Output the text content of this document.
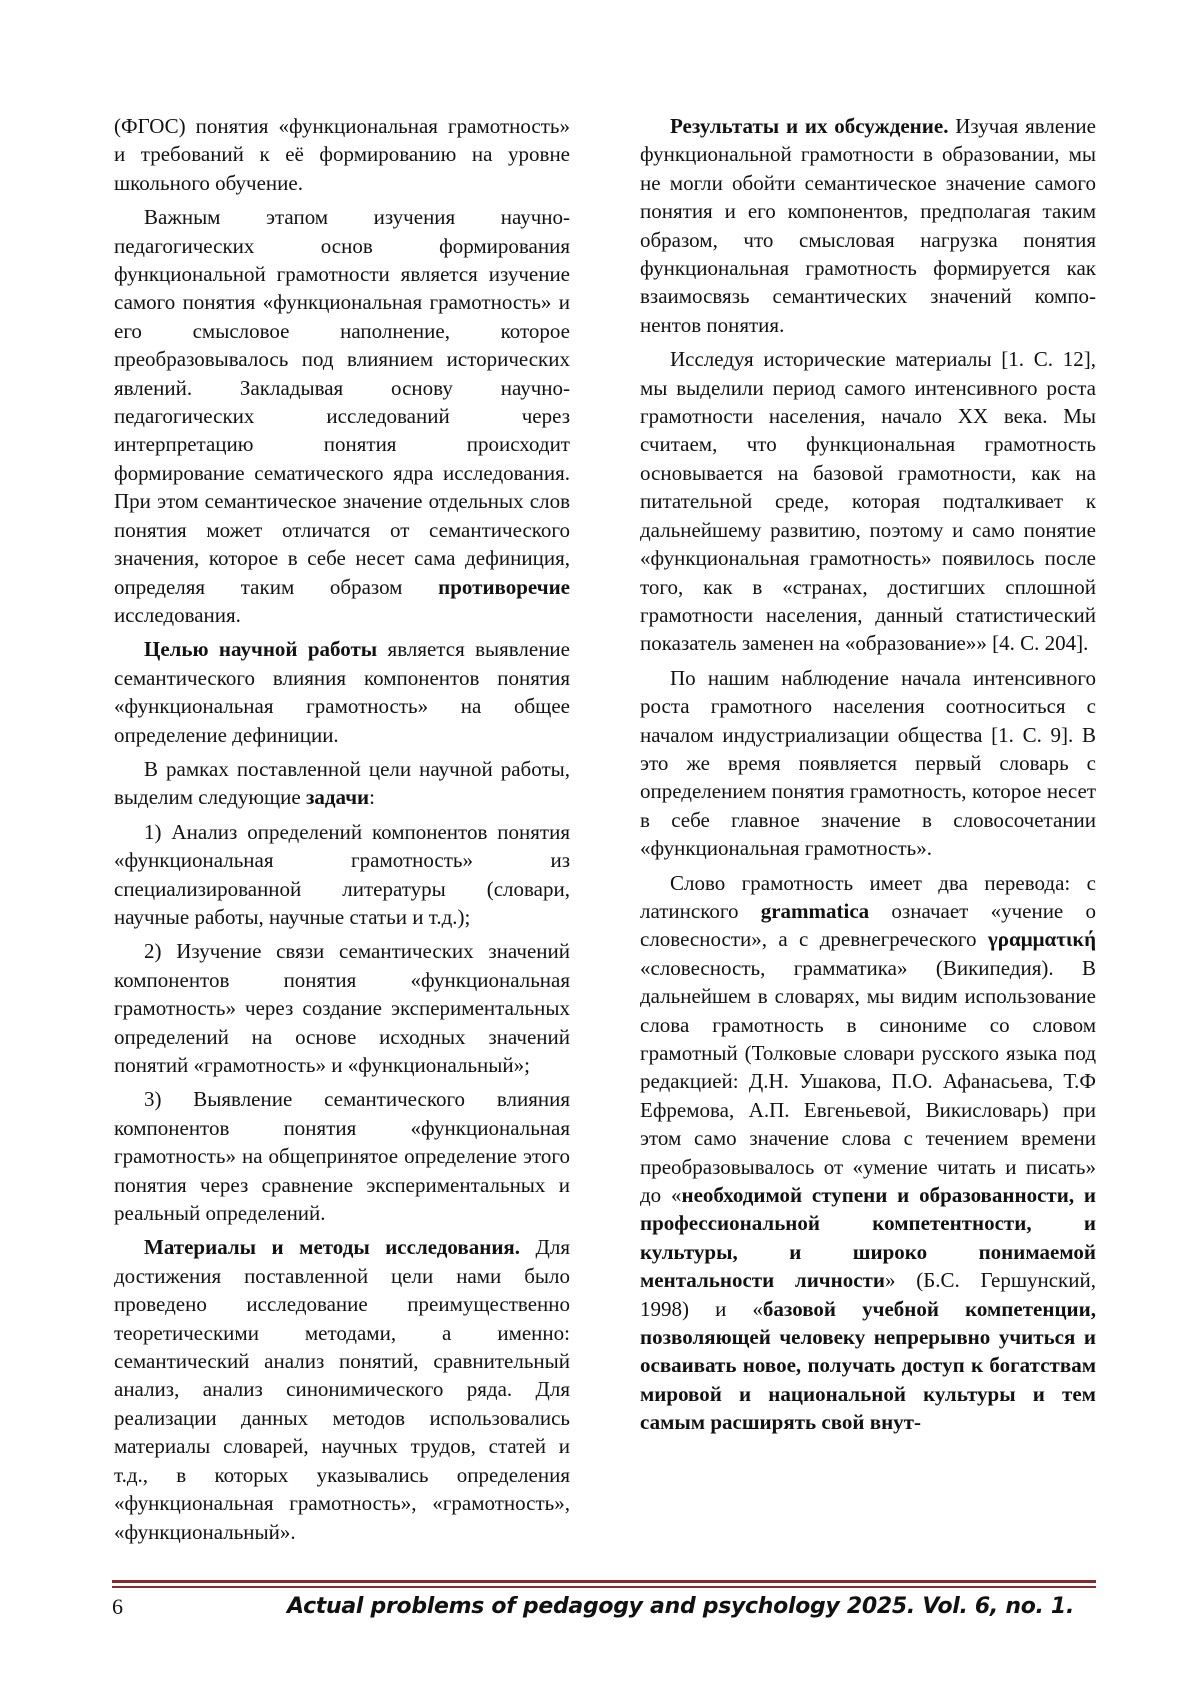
(ФГОС) понятия «функциональная грамотность» и требований к её формированию на уровне школьного обучение.

Важным этапом изучения научно-педагогических основ формирования функциональной грамотности является изучение самого понятия «функциональная грамотность» и его смысловое наполнение, которое преобразовывалось под влиянием исторических явлений. Закладывая основу научно-педагогических исследований через интерпретацию понятия происходит формирование сематического ядра исследования. При этом семантическое значение отдельных слов понятия может отличатся от семантического значения, которое в себе несет сама дефиниция, определяя таким образом противоречие исследования.

Целью научной работы является выявление семантического влияния компонентов понятия «функциональная грамотность» на общее определение дефиниции.

В рамках поставленной цели научной работы, выделим следующие задачи:

1) Анализ определений компонентов понятия «функциональная грамотность» из специализированной литературы (словари, научные работы, научные статьи и т.д.);

2) Изучение связи семантических значений компонентов понятия «функциональная грамотность» через создание экспериментальных определений на основе исходных значений понятий «грамотность» и «функциональный»;

3) Выявление семантического влияния компонентов понятия «функциональная грамотность» на общепринятое определение этого понятия через сравнение экспериментальных и реальный определений.

Материалы и методы исследования. Для достижения поставленной цели нами было проведено исследование преимущественно теоретическими методами, а именно: семантический анализ понятий, сравнительный анализ, анализ синонимического ряда. Для реализации данных методов использовались материалы словарей, научных трудов, статей и т.д., в которых указывались определения «функциональная грамотность», «грамотность», «функциональный».

Результаты и их обсуждение. Изучая явление функциональной грамотности в образовании, мы не могли обойти семантическое значение самого понятия и его компонентов, предполагая таким образом, что смысловая нагрузка понятия функциональная грамотность формируется как взаимосвязь семантических значений компонентов понятия.

Исследуя исторические материалы [1. С. 12], мы выделили период самого интенсивного роста грамотности населения, начало XX века. Мы считаем, что функциональная грамотность основывается на базовой грамотности, как на питательной среде, которая подталкивает к дальнейшему развитию, поэтому и само понятие «функциональная грамотность» появилось после того, как в «странах, достигших сплошной грамотности населения, данный статистический показатель заменен на «образование»» [4. С. 204].

По нашим наблюдение начала интенсивного роста грамотного населения соотноситься с началом индустриализации общества [1. С. 9]. В это же время появляется первый словарь с определением понятия грамотность, которое несет в себе главное значение в словосочетании «функциональная грамотность».

Слово грамотность имеет два перевода: с латинского grammatica означает «учение о словесности», а с древнегреческого γραμματική «словесность, грамматика» (Википедия). В дальнейшем в словарях, мы видим использование слова грамотность в синониме со словом грамотный (Толковые словари русского языка под редакцией: Д.Н. Ушакова, П.О. Афанасьева, Т.Ф Ефремова, А.П. Евгеньевой, Викисловарь) при этом само значение слова с течением времени преобразовывалось от «умение читать и писать» до «необходимой ступени и образованности, и профессиональной компетентности, и культуры, и широко понимаемой ментальности личности» (Б.С. Гершунский, 1998) и «базовой учебной компетенции, позволяющей человеку непрерывно учиться и осваивать новое, получать доступ к богатствам мировой и национальной культуры и тем самым расширять свой внут-

6	Actual problems of pedagogy and psychology 2025. Vol. 6, no. 1.
